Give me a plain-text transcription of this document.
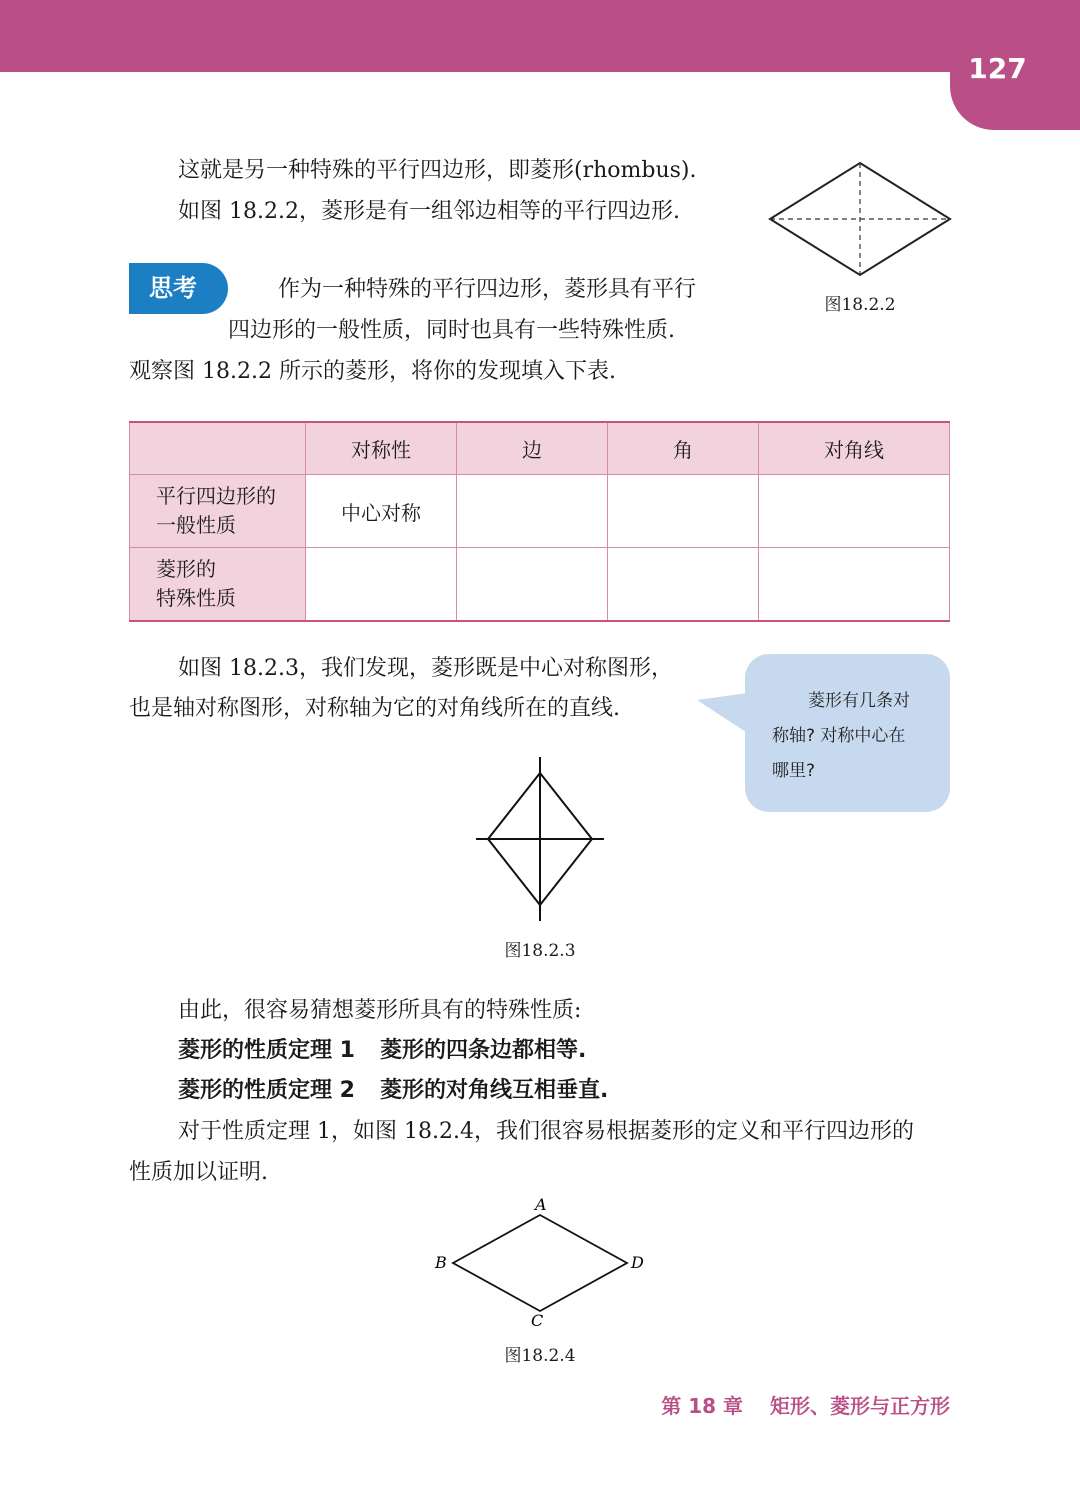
127
这就是另一种特殊的平行四边形，即菱形(rhombus).
如图 18.2.2，菱形是有一组邻边相等的平行四边形.
图18.2.2
思考	作为一种特殊的平行四边形，菱形具有平行
四边形的一般性质，同时也具有一些特殊性质.
观察图 18.2.2 所示的菱形，将你的发现填入下表.
	对称性	边	角	对角线

平行四边形的
一般性质	中心对称			

菱形的
特殊性质				

如图 18.2.3，我们发现，菱形既是中心对称图形，
也是轴对称图形，对称轴为它的对角线所在的直线.	菱形有几条对
称轴? 对称中心在
哪里?
图18.2.3
由此，很容易猜想菱形所具有的特殊性质:
菱形的性质定理 1 菱形的四条边都相等.
菱形的性质定理 2 菱形的对角线互相垂直.
对于性质定理 1，如图 18.2.4，我们很容易根据菱形的定义和平行四边形的
性质加以证明.
A
B	D
C
图18.2.4
第 18 章 矩形、菱形与正方形
